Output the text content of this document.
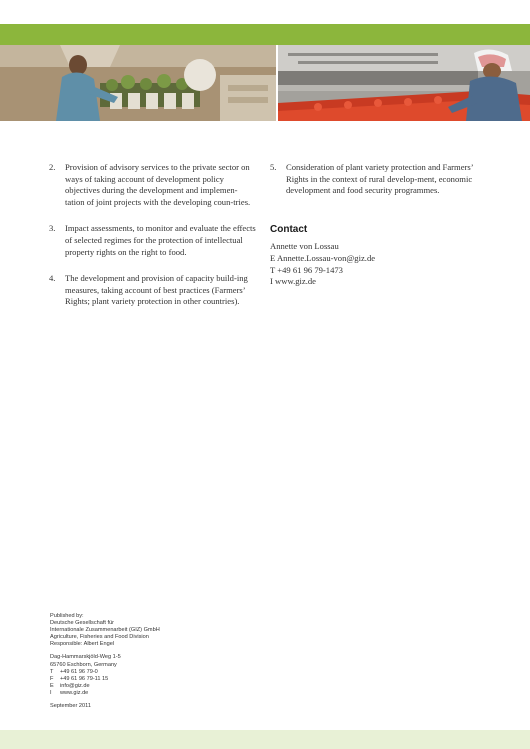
2.	Provision of advisory services to the private sector on ways of taking account of development policy objectives during the development and implemen-tation of joint projects with the developing coun-tries.
3.	Impact assessments, to monitor and evaluate the effects of selected regimes for the protection of intellectual property rights on the right to food.
4.	The development and provision of capacity build-ing measures, taking account of best practices (Farmers’ Rights; plant variety protection in other countries).
5.	Consideration of plant variety protection and Farmers’ Rights in the context of rural develop-ment, economic development and food security programmes.
Contact
Annette von Lossau
E Annette.Lossau-von@giz.de
T +49 61 96 79-1473
I www.giz.de
Published by:
Deutsche Gesellschaft für
Internationale Zusammenarbeit (GIZ) GmbH
Agriculture, Fisheries and Food Division
Responsible: Albert Engel
Dag-Hammarskjöld-Weg 1-5
65760 Eschborn, Germany
T	+49 61 96 79-0
F	+49 61 96 79-11 15
E	info@giz.de
I	www.giz.de
September 2011
